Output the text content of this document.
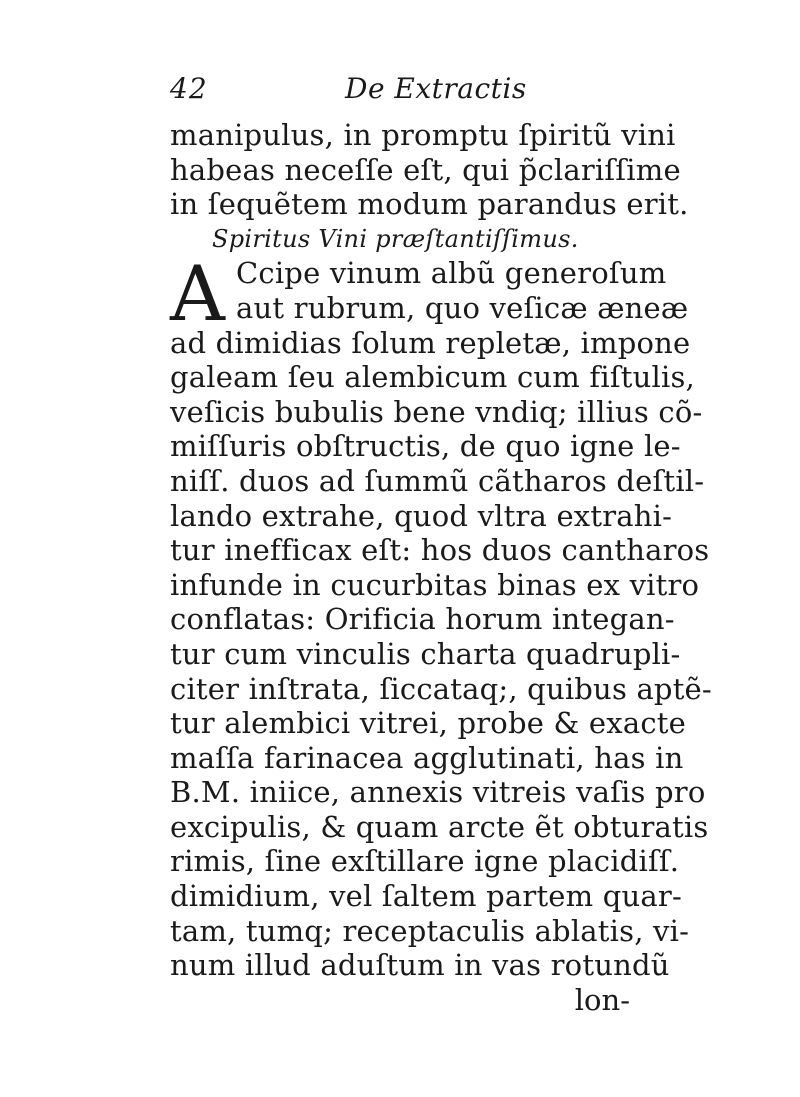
42	De Extractis
manipulus, in promptu ſpiritũ vini
habeas neceſſe eſt, qui p̃clariſſime
in ſequẽtem modum parandus erit.
Spiritus Vini præſtantiſſimus.
A Ccipe vinum albũ generoſum
aut rubrum, quo veſicæ æneæ
ad dimidias ſolum repletæ, impone
galeam ſeu alembicum cum fiſtulis,
veſicis bubulis bene vndiq; illius cõ-
miſſuris obſtructis, de quo igne le-
niſſ. duos ad ſummũ cãtharos deſtil-
lando extrahe, quod vltra extrahi-
tur inefficax eſt: hos duos cantharos
infunde in cucurbitas binas ex vitro
conflatas: Orificia horum integan-
tur cum vinculis charta quadrupli-
citer inſtrata, ſiccataq;, quibus aptẽ-
tur alembici vitrei, probe & exacte
maſſa farinacea agglutinati, has in
B.M. iniice, annexis vitreis vaſis pro
excipulis, & quam arcte ẽt obturatis
rimis, ſine exſtillare igne placidiſſ.
dimidium, vel ſaltem partem quar-
tam, tumq; receptaculis ablatis, vi-
num illud aduſtum in vas rotundũ
lon-
